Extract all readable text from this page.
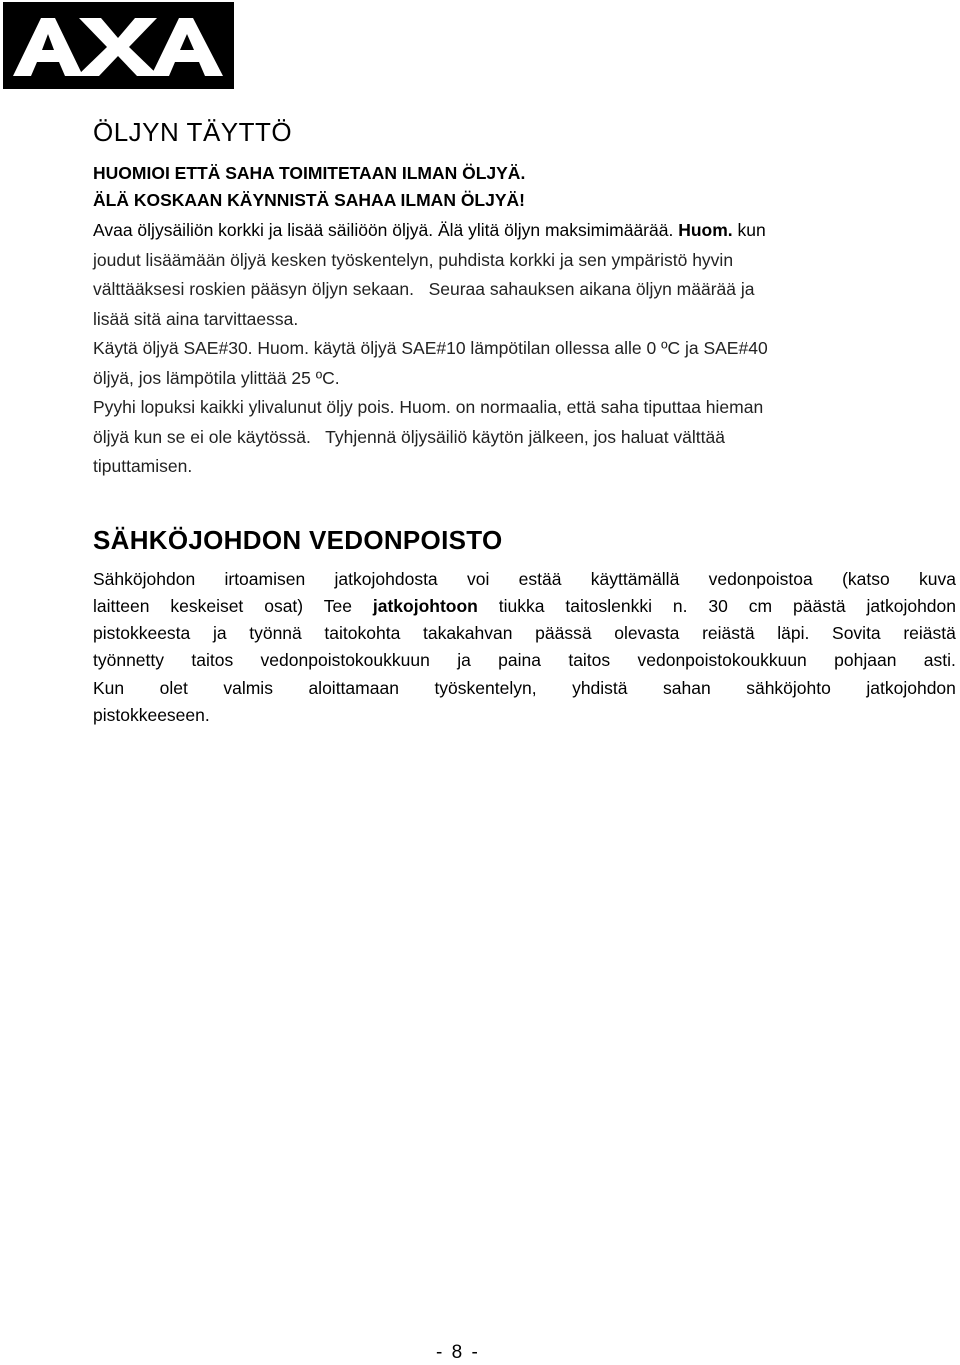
ÖLJYN TÄYTTÖ

HUOMIOI ETTÄ SAHA TOIMITETAAN ILMAN ÖLJYÄ.

ÄLÄ KOSKAAN KÄYNNISTÄ SAHAA ILMAN ÖLJYÄ!

Avaa öljysäiliön korkki ja lisää säiliöön öljyä. Älä ylitä öljyn maksimimäärää. Huom. kun

joudut lisäämään öljyä kesken työskentelyn, puhdista korkki ja sen ympäristö hyvin

välttääksesi roskien pääsyn öljyn sekaan.   Seuraa sahauksen aikana öljyn määrää ja

lisää sitä aina tarvittaessa.

Käytä öljyä SAE#30. Huom. käytä öljyä SAE#10 lämpötilan ollessa alle 0 ºC ja SAE#40

öljyä, jos lämpötila ylittää 25 ºC.

Pyyhi lopuksi kaikki ylivalunut öljy pois. Huom. on normaalia, että saha tiputtaa hieman

öljyä kun se ei ole käytössä.   Tyhjennä öljysäiliö käytön jälkeen, jos haluat välttää

tiputtamisen.

SÄHKÖJOHDON VEDONPOISTO
Sähköjohdon irtoamisen jatkojohdosta voi estää käyttämällä vedonpoistoa (katso kuva
laitteen keskeiset osat) Tee jatkojohtoon tiukka taitoslenkki n. 30 cm päästä jatkojohdon
pistokkeesta ja työnnä taitokohta takakahvan päässä olevasta reiästä läpi. Sovita reiästä
työnnetty taitos vedonpoistokoukkuun ja paina taitos vedonpoistokoukkuun pohjaan asti.
Kun olet valmis aloittamaan työskentelyn, yhdistä sahan sähköjohto jatkojohdon
pistokkeeseen.
- 8 -
